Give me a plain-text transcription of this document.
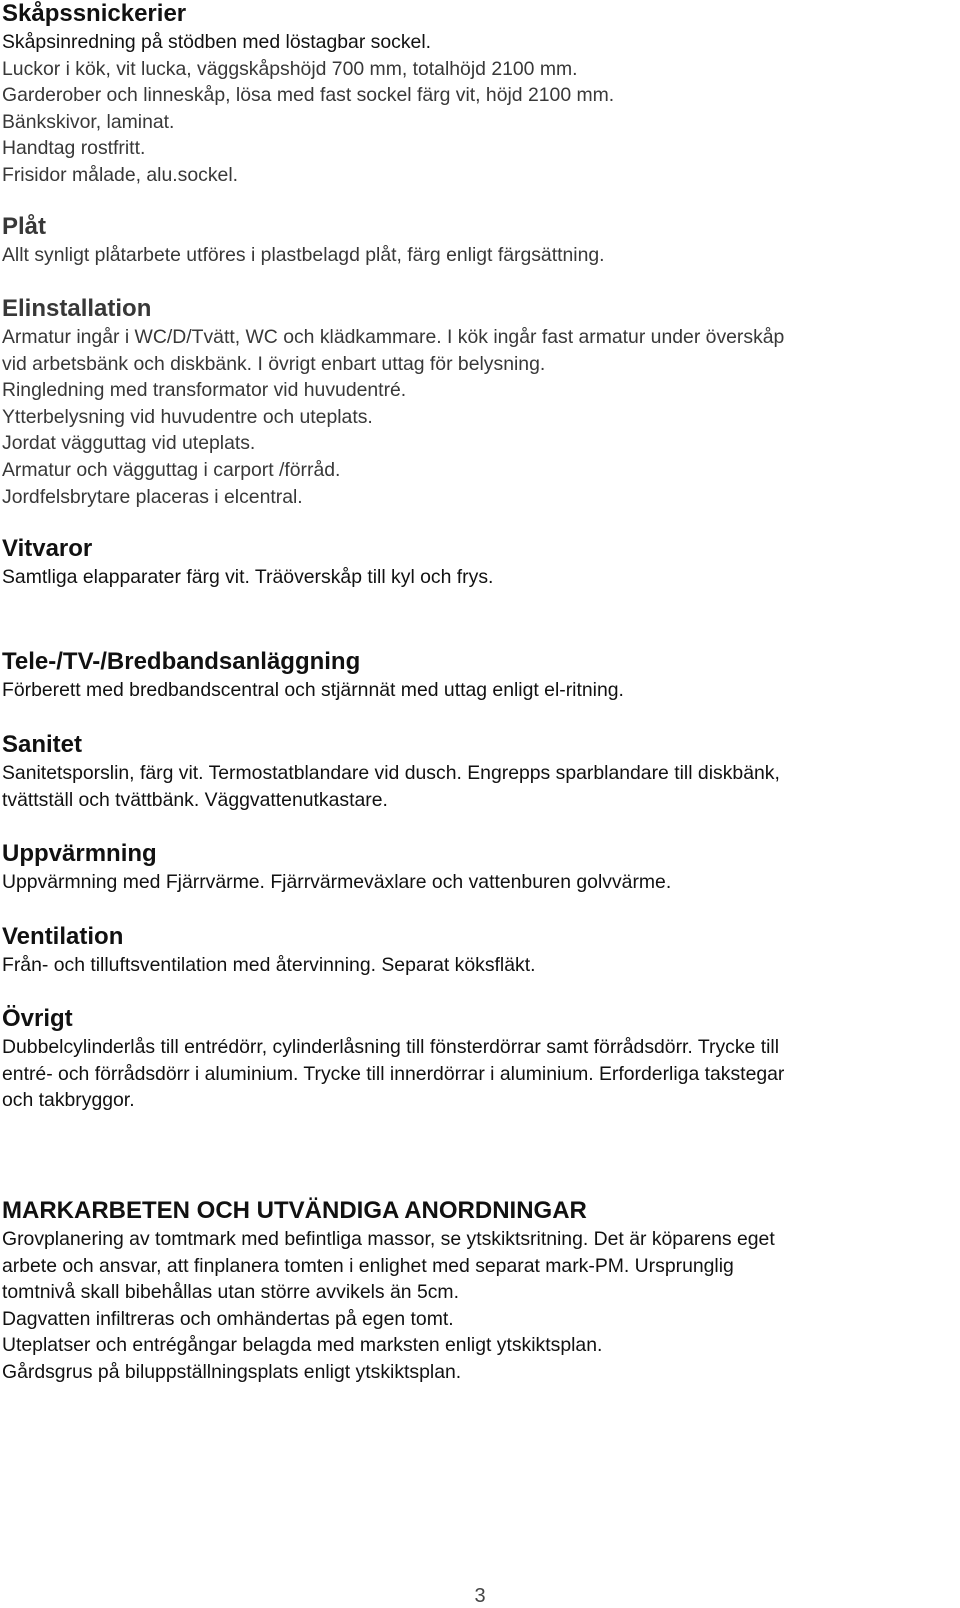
Skåpssnickerier

Skåpsinredning på stödben med löstagbar sockel.
Luckor i kök, vit lucka, väggskåpshöjd 700 mm, totalhöjd 2100 mm.
Garderober och linneskåp, lösa med fast sockel färg vit, höjd 2100 mm.
Bänkskivor, laminat.
Handtag rostfritt.
Frisidor målade, alu.sockel.

Plåt

Allt synligt plåtarbete utföres i plastbelagd plåt, färg enligt färgsättning.

Elinstallation

Armatur ingår i WC/D/Tvätt, WC och klädkammare. I kök ingår fast armatur under överskåp
vid arbetsbänk och diskbänk. I övrigt enbart uttag för belysning.
Ringledning med transformator vid huvudentré.
Ytterbelysning vid huvudentre och uteplats.
Jordat vägguttag vid uteplats.
Armatur och vägguttag i carport /förråd.
Jordfelsbrytare placeras i elcentral.

Vitvaror

Samtliga elapparater färg vit. Träöverskåp till kyl och frys.

Tele-/TV-/Bredbandsanläggning

Förberett med bredbandscentral och stjärnnät med uttag enligt el-ritning.

Sanitet

Sanitetsporslin, färg vit. Termostatblandare vid dusch. Engrepps sparblandare till diskbänk,
tvättställ och tvättbänk. Väggvattenutkastare.

Uppvärmning

Uppvärmning med Fjärrvärme. Fjärrvärmeväxlare och vattenburen golvvärme.

Ventilation

Från- och tilluftsventilation med återvinning. Separat köksfläkt.

Övrigt

Dubbelcylinderlås till entrédörr, cylinderlåsning till fönsterdörrar samt förrådsdörr. Trycke till
entré- och förrådsdörr i aluminium. Trycke till innerdörrar i aluminium. Erforderliga takstegar
och takbryggor.

MARKARBETEN OCH UTVÄNDIGA ANORDNINGAR

Grovplanering av tomtmark med befintliga massor, se ytskiktsritning. Det är köparens eget
arbete och ansvar, att finplanera tomten i enlighet med separat mark-PM. Ursprunglig
tomtnivå skall bibehållas utan större avvikels än 5cm.
Dagvatten infiltreras och omhändertas på egen tomt.
Uteplatser och entrégångar belagda med marksten enligt ytskiktsplan.
Gårdsgrus på biluppställningsplats enligt ytskiktsplan.

3
